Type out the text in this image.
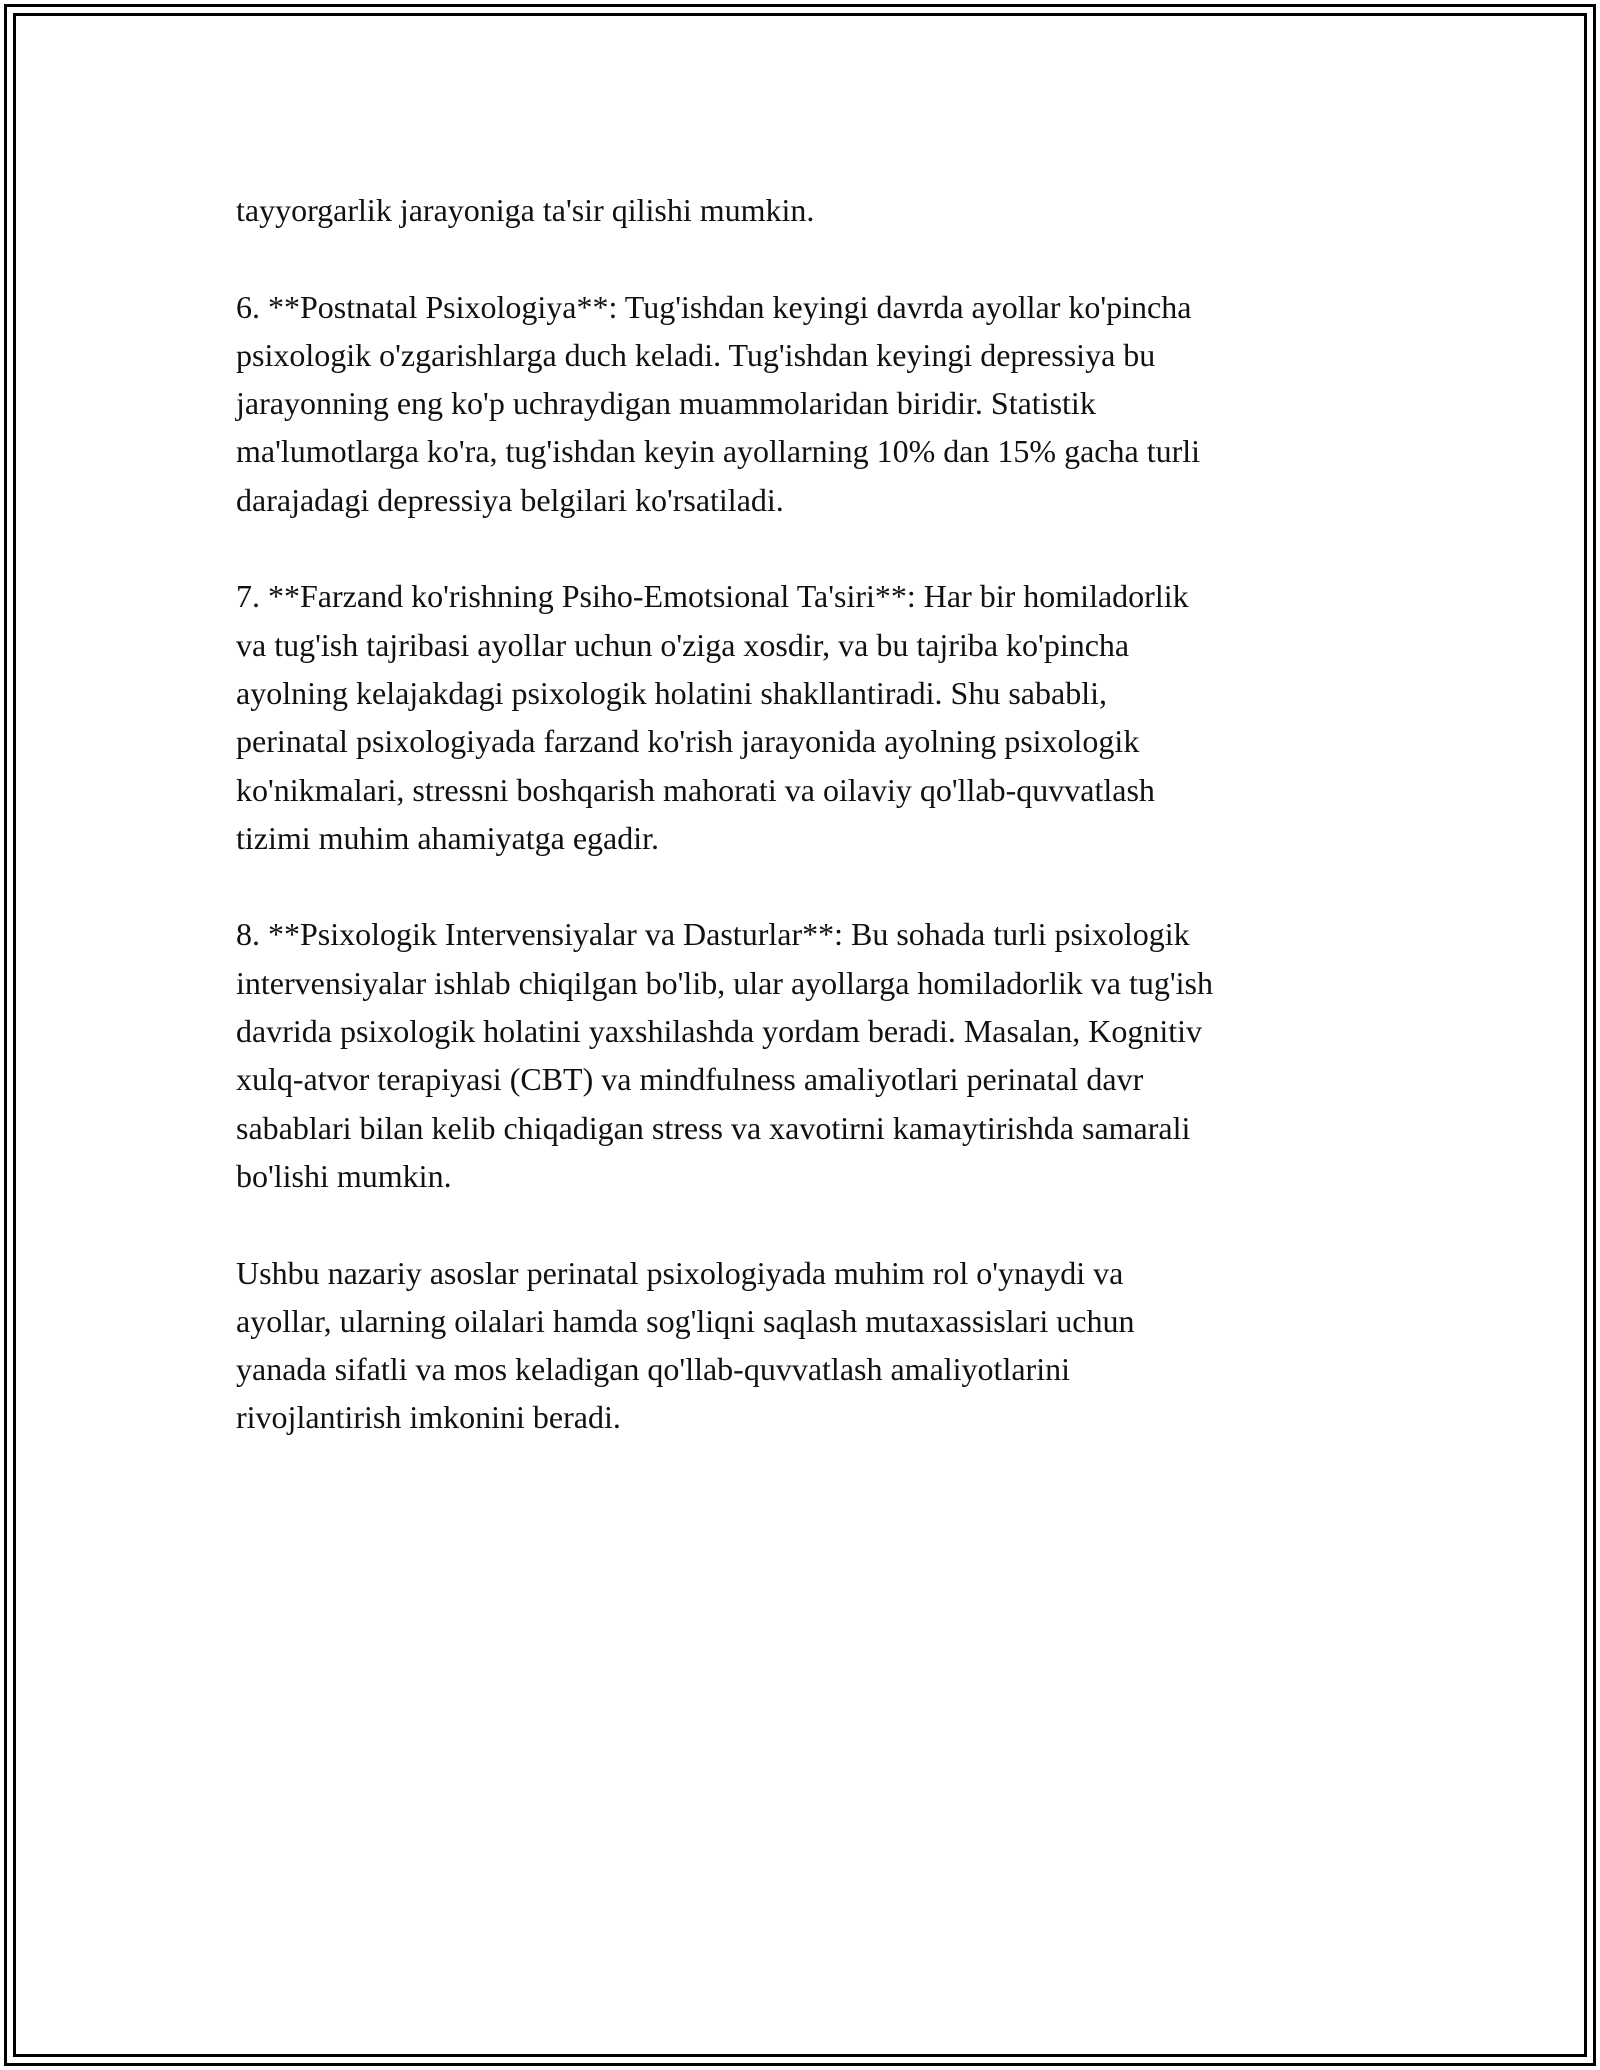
tayyorgarlik jarayoniga ta'sir qilishi mumkin.

6. **Postnatal Psixologiya**: Tug'ishdan keyingi davrda ayollar ko'pincha
psixologik o'zgarishlarga duch keladi. Tug'ishdan keyingi depressiya bu
jarayonning eng ko'p uchraydigan muammolaridan biridir. Statistik
ma'lumotlarga ko'ra, tug'ishdan keyin ayollarning 10% dan 15% gacha turli
darajadagi depressiya belgilari ko'rsatiladi.

7. **Farzand ko'rishning Psiho-Emotsional Ta'siri**: Har bir homiladorlik
va tug'ish tajribasi ayollar uchun o'ziga xosdir, va bu tajriba ko'pincha
ayolning kelajakdagi psixologik holatini shakllantiradi. Shu sababli,
perinatal psixologiyada farzand ko'rish jarayonida ayolning psixologik
ko'nikmalari, stressni boshqarish mahorati va oilaviy qo'llab-quvvatlash
tizimi muhim ahamiyatga egadir.

8. **Psixologik Intervensiyalar va Dasturlar**: Bu sohada turli psixologik
intervensiyalar ishlab chiqilgan bo'lib, ular ayollarga homiladorlik va tug'ish
davrida psixologik holatini yaxshilashda yordam beradi. Masalan, Kognitiv
xulq-atvor terapiyasi (CBT) va mindfulness amaliyotlari perinatal davr
sabablari bilan kelib chiqadigan stress va xavotirni kamaytirishda samarali
bo'lishi mumkin.

Ushbu nazariy asoslar perinatal psixologiyada muhim rol o'ynaydi va
ayollar, ularning oilalari hamda sog'liqni saqlash mutaxassislari uchun
yanada sifatli va mos keladigan qo'llab-quvvatlash amaliyotlarini
rivojlantirish imkonini beradi.
